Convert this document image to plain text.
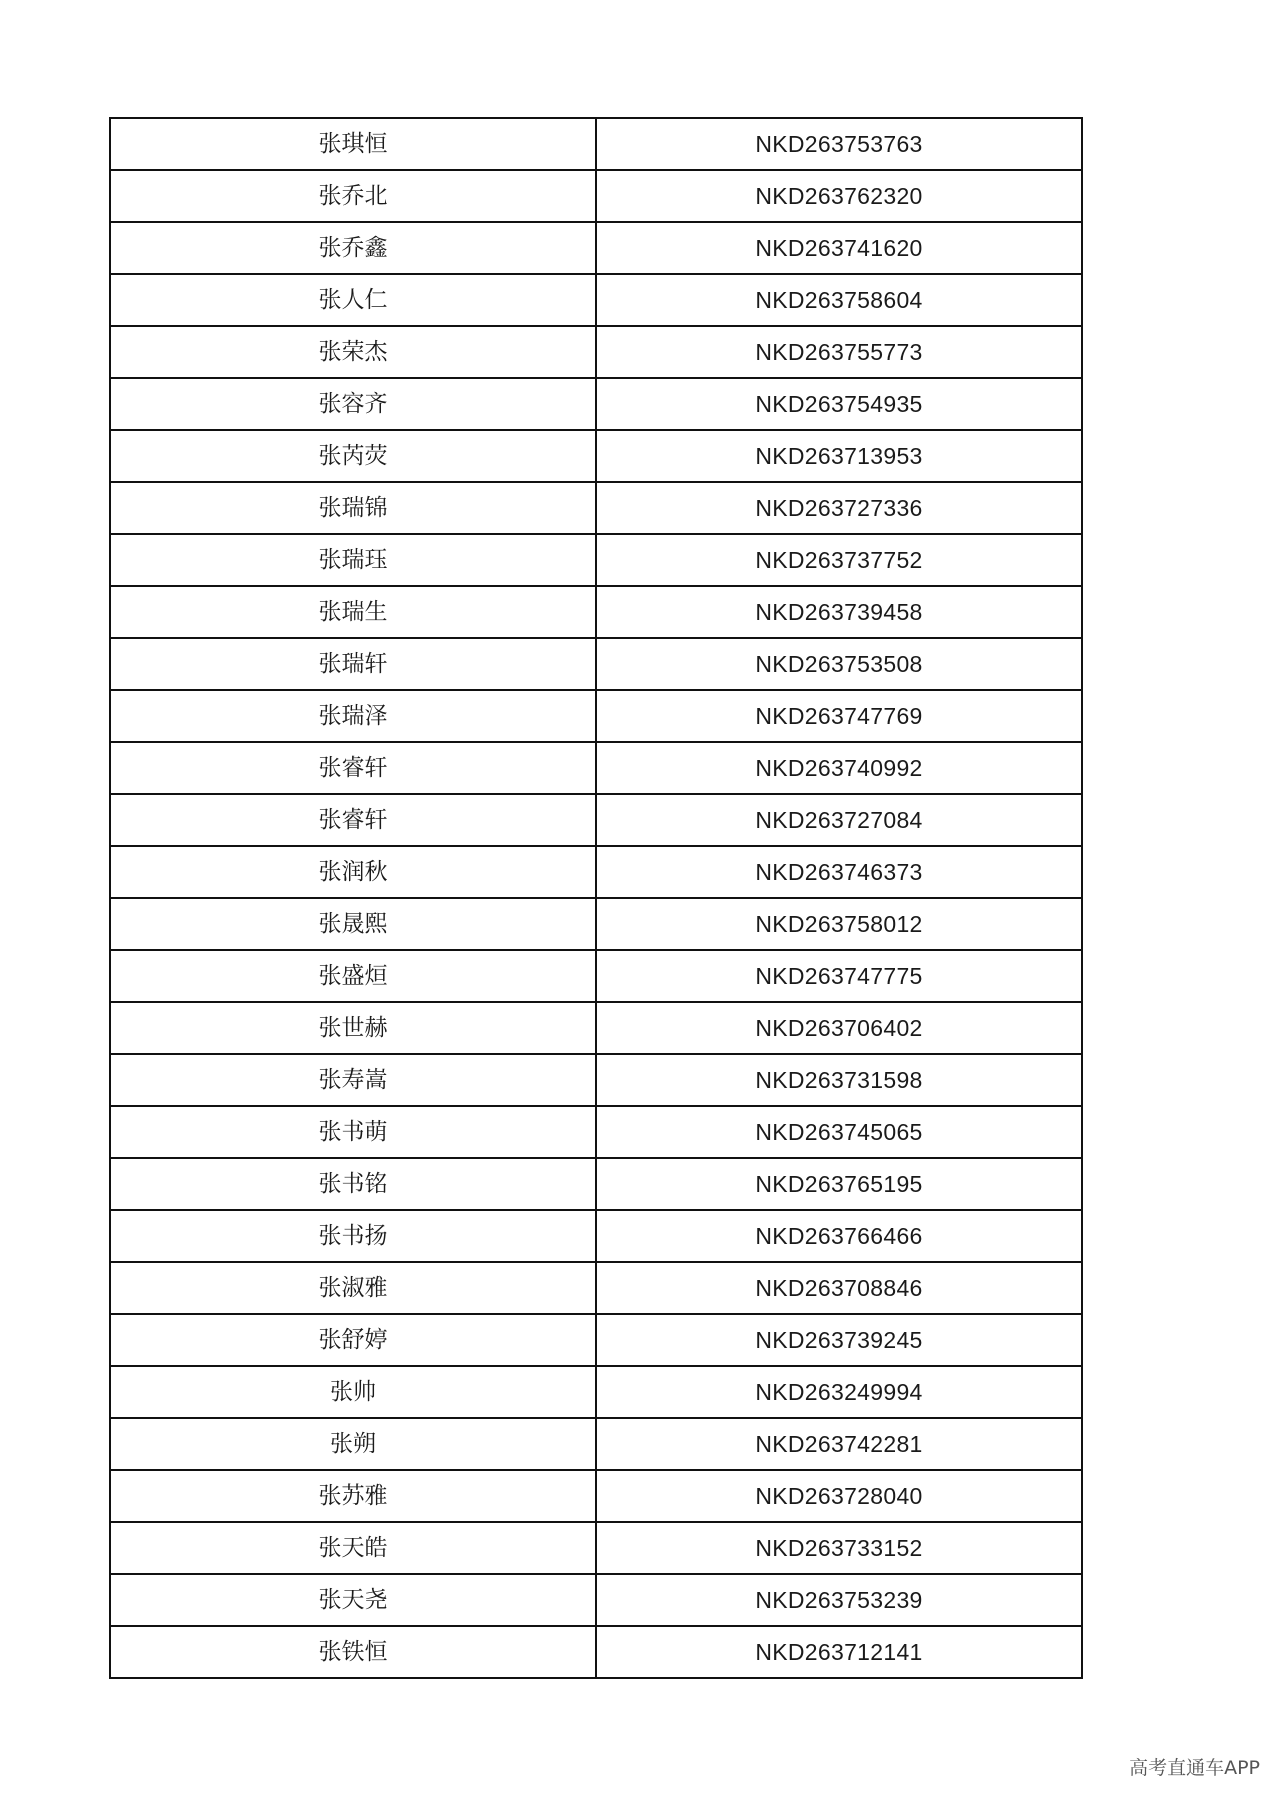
张琪恒	NKD263753763
张乔北	NKD263762320
张乔鑫	NKD263741620
张人仁	NKD263758604
张荣杰	NKD263755773
张容齐	NKD263754935
张芮荧	NKD263713953
张瑞锦	NKD263727336
张瑞珏	NKD263737752
张瑞生	NKD263739458
张瑞轩	NKD263753508
张瑞泽	NKD263747769
张睿轩	NKD263740992
张睿轩	NKD263727084
张润秋	NKD263746373
张晟熙	NKD263758012
张盛烜	NKD263747775
张世赫	NKD263706402
张寿嵩	NKD263731598
张书萌	NKD263745065
张书铭	NKD263765195
张书扬	NKD263766466
张淑雅	NKD263708846
张舒婷	NKD263739245
张帅	NKD263249994
张朔	NKD263742281
张苏雅	NKD263728040
张天皓	NKD263733152
张天尧	NKD263753239
张铁恒	NKD263712141
高考直通车APP
